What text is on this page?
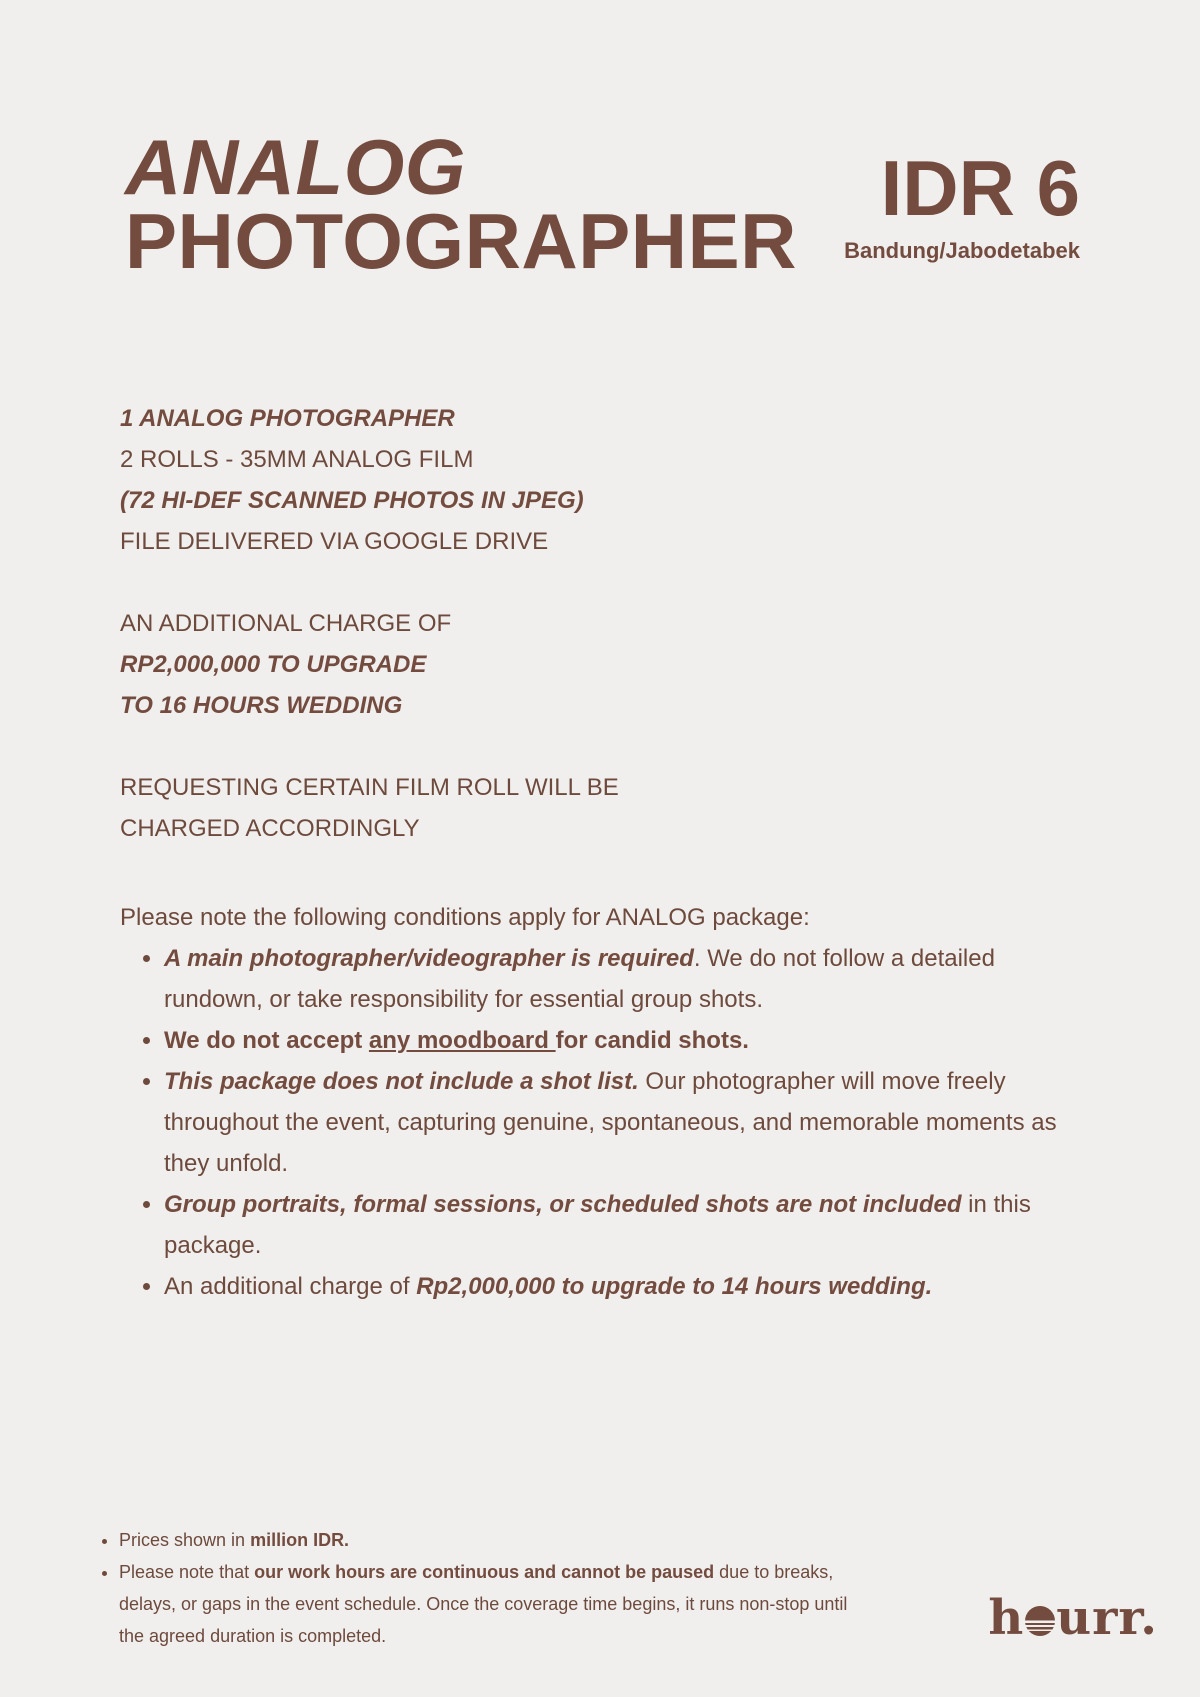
ANALOG
PHOTOGRAPHER
IDR 6
Bandung/Jabodetabek
1 ANALOG PHOTOGRAPHER
2 ROLLS - 35MM ANALOG FILM
(72 HI-DEF SCANNED PHOTOS IN JPEG)
FILE DELIVERED VIA GOOGLE DRIVE
AN ADDITIONAL CHARGE OF
RP2,000,000 TO UPGRADE
TO 16 HOURS WEDDING
REQUESTING CERTAIN FILM ROLL WILL BE
CHARGED ACCORDINGLY
Please note the following conditions apply for ANALOG package:
• A main photographer/videographer is required. We do not follow a detailed rundown, or take responsibility for essential group shots.
• We do not accept any moodboard for candid shots.
• This package does not include a shot list. Our photographer will move freely throughout the event, capturing genuine, spontaneous, and memorable moments as they unfold.
• Group portraits, formal sessions, or scheduled shots are not included in this package.
• An additional charge of Rp2,000,000 to upgrade to 14 hours wedding.
• Prices shown in million IDR.
• Please note that our work hours are continuous and cannot be paused due to breaks, delays, or gaps in the event schedule. Once the coverage time begins, it runs non-stop until the agreed duration is completed.	h urr.
